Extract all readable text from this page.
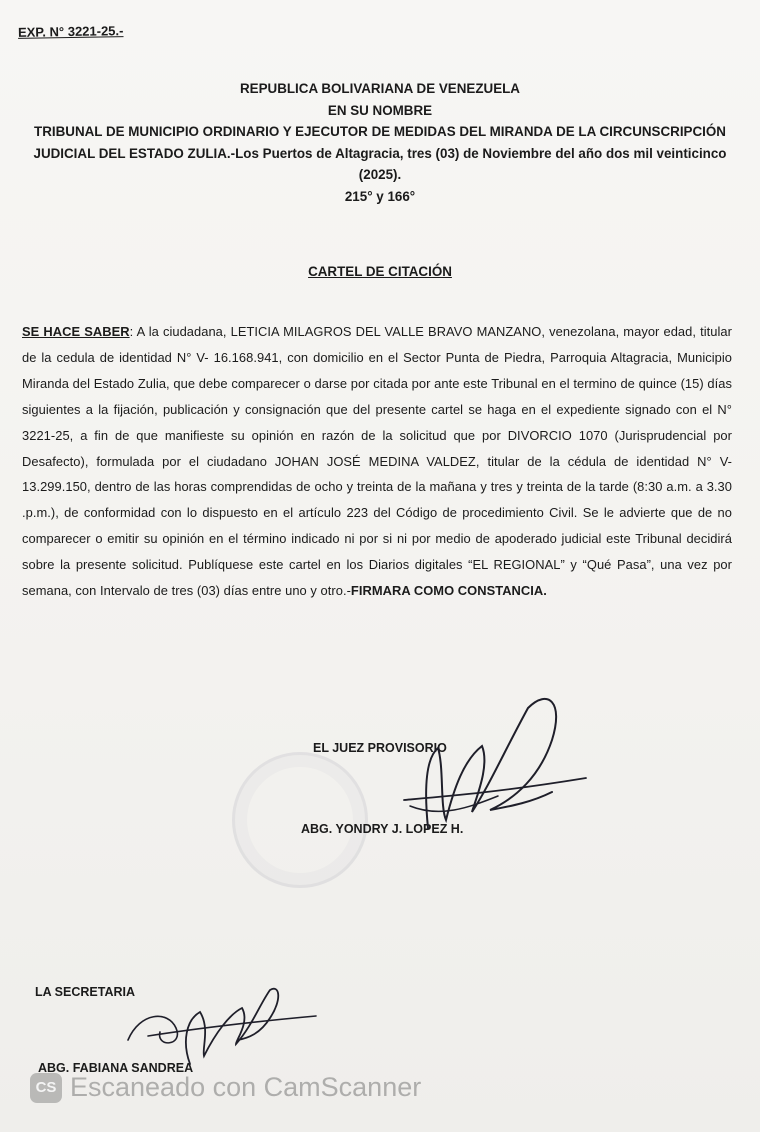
EXP. N° 3221-25.-
REPUBLICA BOLIVARIANA DE VENEZUELA
EN SU NOMBRE
TRIBUNAL DE MUNICIPIO ORDINARIO Y EJECUTOR DE MEDIDAS DEL MIRANDA DE LA CIRCUNSCRIPCIÓN JUDICIAL DEL ESTADO ZULIA.-Los Puertos de Altagracia, tres (03) de Noviembre del año dos mil veinticinco (2025).
215° y 166°
CARTEL DE CITACIÓN
SE HACE SABER: A la ciudadana, LETICIA MILAGROS DEL VALLE BRAVO MANZANO, venezolana, mayor edad, titular de la cedula de identidad N° V- 16.168.941, con domicilio en el Sector Punta de Piedra, Parroquia Altagracia, Municipio Miranda del Estado Zulia, que debe comparecer o darse por citada por ante este Tribunal en el termino de quince (15) días siguientes a la fijación, publicación y consignación que del presente cartel se haga en el expediente signado con el N° 3221-25, a fin de que manifieste su opinión en razón de la solicitud que por DIVORCIO 1070 (Jurisprudencial por Desafecto), formulada por el ciudadano JOHAN JOSÉ MEDINA VALDEZ, titular de la cédula de identidad N° V- 13.299.150, dentro de las horas comprendidas de ocho y treinta de la mañana y tres y treinta de la tarde (8:30 a.m. a 3.30 .p.m.), de conformidad con lo dispuesto en el artículo 223 del Código de procedimiento Civil. Se le advierte que de no comparecer o emitir su opinión en el término indicado ni por si ni por medio de apoderado judicial este Tribunal decidirá sobre la presente solicitud. Publíquese este cartel en los Diarios digitales “EL REGIONAL” y “Qué Pasa”, una vez por semana, con Intervalo de tres (03) días entre uno y otro.-FIRMARA COMO CONSTANCIA.
EL JUEZ PROVISORIO
ABG. YONDRY J. LOPEZ H.
LA SECRETARIA
ABG. FABIANA SANDREA
CS Escaneado con CamScanner
